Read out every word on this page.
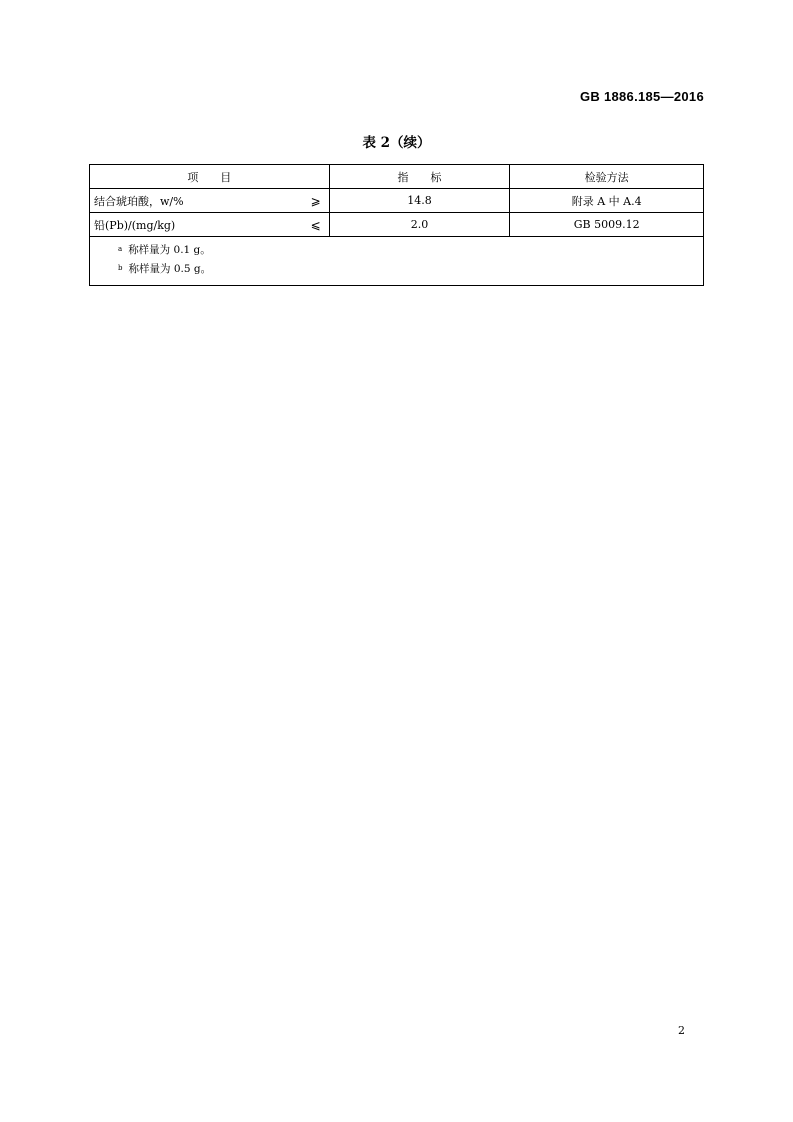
GB 1886.185—2016
表 2（续）
项　　目	指　　标	检验方法
结合琥珀酸，w/% ⩾	14.8	附录 A 中 A.4
铅(Pb)/(mg/kg) ⩽	2.0	GB 5009.12

$^a$ 称样量为 0.1 g。
$^b$ 称样量为 0.5 g。		
2
